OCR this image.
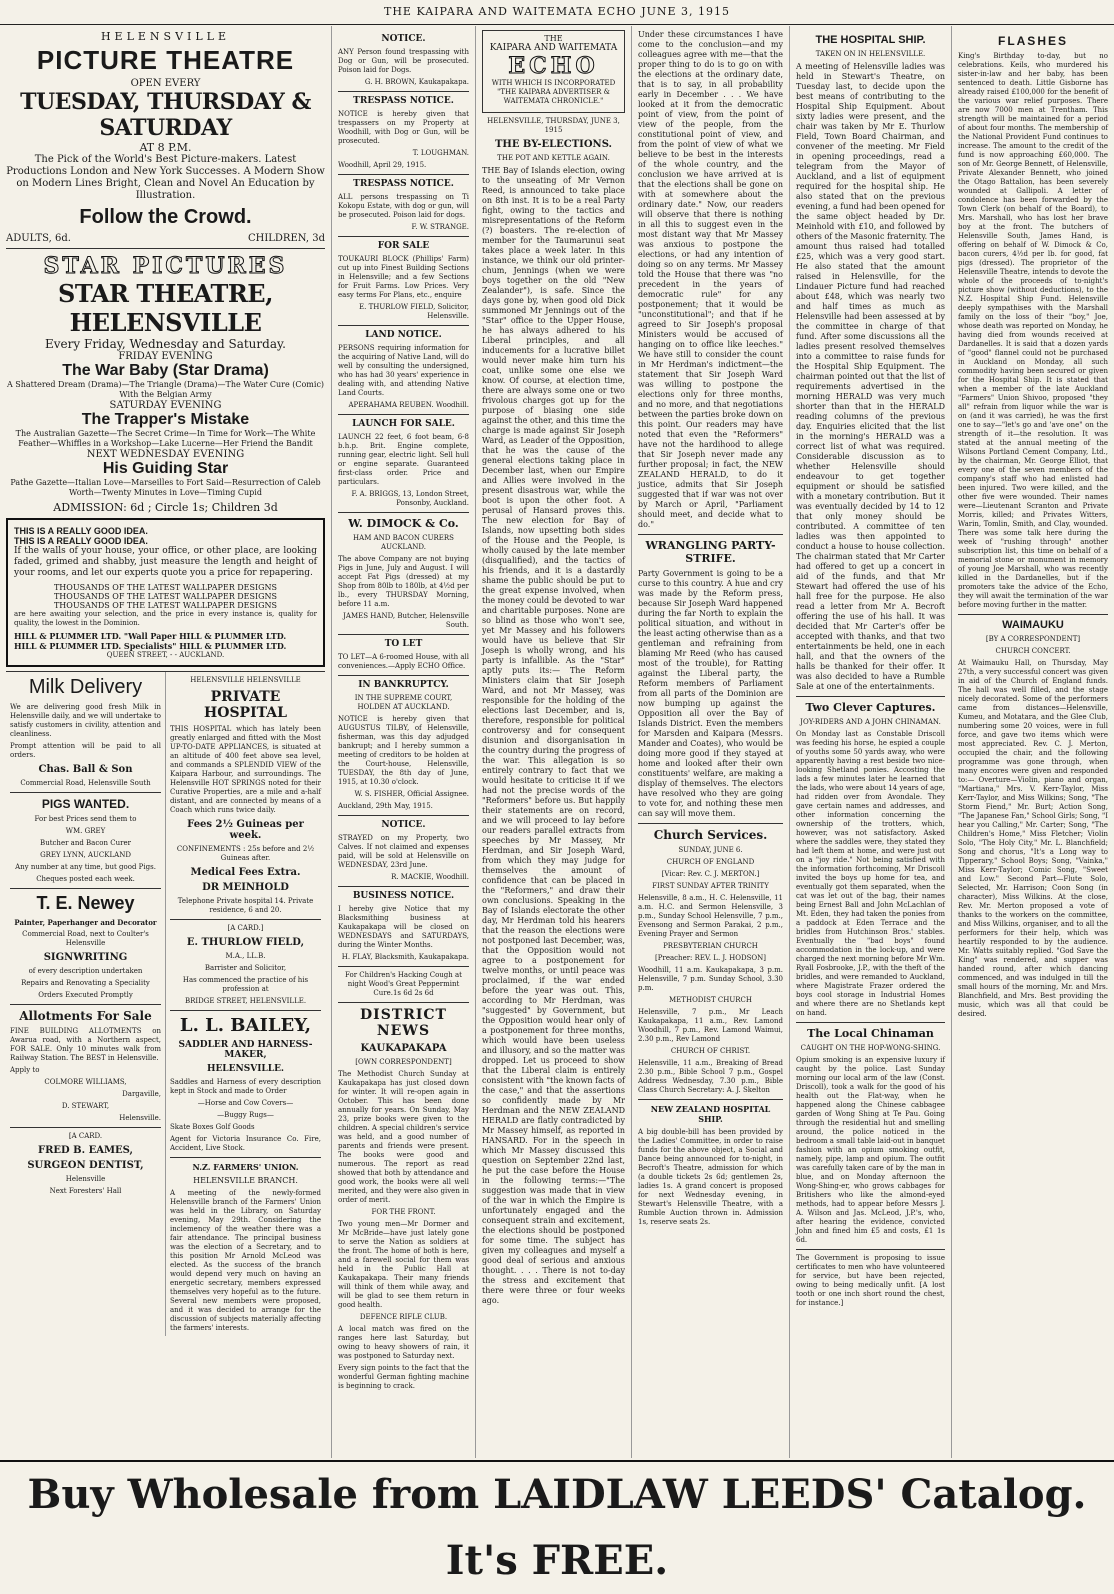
THE KAIPARA AND WAITEMATA ECHO JUNE 3, 1915
HELENSVILLE
PICTURE THEATRE
OPEN EVERY
TUESDAY, THURSDAY & SATURDAY
AT 8 P.M.
The Pick of the World's Best Picture-makers. Latest Productions London and New York Successes. A Modern Show on Modern Lines Bright, Clean and Novel An Education by Illustration.
Follow the Crowd.
ADULTS, 6d.	CHILDREN, 3d
STAR PICTURES
STAR THEATRE, HELENSVILLE
Every Friday, Wednesday and Saturday.
FRIDAY EVENING
The War Baby (Star Drama)
A Shattered Dream (Drama)—The Triangle (Drama)—The Water Cure (Comic) With the Belgian Army
SATURDAY EVENING
The Trapper's Mistake
The Australian Gazette—The Secret Crime—In Time for Work—The White Feather—Whiffles in a Workshop—Lake Lucerne—Her Friend the Bandit
NEXT WEDNESDAY EVENING
His Guiding Star
Pathe Gazette—Italian Love—Marseilles to Fort Said—Resurrection of Caleb Worth—Twenty Minutes in Love—Timing Cupid
ADMISSION: 6d ; Circle 1s; Children 3d
THIS IS A REALLY GOOD IDEA.
THIS IS A REALLY GOOD IDEA.
If the walls of your house, your office, or other place, are looking faded, grimed and shabby, just measure the length and height of your rooms, and let our experts quote you a price for repapering.
THOUSANDS OF THE LATEST WALLPAPER DESIGNS
THOUSANDS OF THE LATEST WALLPAPER DESIGNS
THOUSANDS OF THE LATEST WALLPAPER DESIGNS
are here awaiting your selection, and the price in every instance is, quality for quality, the lowest in the Dominion.
HILL & PLUMMER LTD. "Wall Paper HILL & PLUMMER LTD.
HILL & PLUMMER LTD. Specialists" HILL & PLUMMER LTD.
QUEEN STREET, - - AUCKLAND.
Milk Delivery
We are delivering good fresh Milk in Helensville daily, and we will undertake to satisfy customers in civility, attention and cleanliness.
Prompt attention will be paid to all orders.
Chas. Ball & Son
Commercial Road, Helensville South
PIGS WANTED.
For best Prices send them to
WM. GREY
Butcher and Bacon Curer
GREY LYNN, AUCKLAND
Any number at any time, but good Pigs.
Cheques posted each week.
T. E. Newey
Painter, Paperhanger and Decorator
Commercial Road, next to Coulter's Helensville
SIGNWRITING
of every description undertaken
Repairs and Renovating a Speciality
Orders Executed Promptly
Allotments For Sale
FINE BUILDING ALLOTMENTS on Awarua road, with a Northern aspect, FOR SALE. Only 10 minutes walk from Railway Station. The BEST in Helensville.
Apply to
COLMORE WILLIAMS,
Dargaville,
D. STEWART,
Helensville.
[A CARD.
FRED B. EAMES,
SURGEON DENTIST,
Helensville
Next Foresters' Hall
HELENSVILLE HELENSVILLE
PRIVATE HOSPITAL
THIS HOSPITAL which has lately been greatly enlarged and fitted with the Most UP-TO-DATE APPLIANCES, is situated at an altitude of 400 feet above sea level, and commands a SPLENDID VIEW of the Kaipara Harbour, and surroundings. The Helensville HOT SPRINGS noted for their Curative Properties, are a mile and a-half distant, and are connected by means of a Coach which runs twice daily.
Fees 2½ Guineas per week.
CONFINEMENTS : 25s before and 2½ Guineas after.
Medical Fees Extra.
DR MEINHOLD
Telephone Private hospital 14. Private residence, 6 and 20.
[A CARD.]
E. THURLOW FIELD,
M.A., LL.B.
Barrister and Solicitor,
Has commenced the practice of his profession at
BRIDGE STREET, HELENSVILLE.
L. L. BAILEY,
SADDLER AND HARNESS-MAKER,
HELENSVILLE.
Saddles and Harness of every description kept in Stock and made to Order
—Horse and Cow Covers—
—Buggy Rugs—
Skate Boxes Golf Goods
Agent for Victoria Insurance Co. Fire, Accident, Live Stock.
N.Z. FARMERS' UNION.
HELENSVILLE BRANCH.
A meeting of the newly-formed Helensville branch of the Farmers' Union was held in the Library, on Saturday evening, May 29th. Considering the inclemency of the weather there was a fair attendance. The principal business was the election of a Secretary, and to this position Mr Arnold McLeod was elected. As the success of the branch would depend very much on having an energetic secretary, members expressed themselves very hopeful as to the future. Several new members were proposed, and it was decided to arrange for the discussion of subjects materially affecting the farmers' interests.
NOTICE.
ANY Person found trespassing with Dog or Gun, will be prosecuted. Poison laid for Dogs.
G. H. BROWN, Kaukapakapa.
TRESPASS NOTICE.
NOTICE is hereby given that trespassers on my Property at Woodhill, with Dog or Gun, will be prosecuted.
T. LOUGHMAN.
Woodhill, April 29, 1915.
TRESPASS NOTICE.
ALL persons trespassing on Ti Kokopu Estate, with dog or gun, will be prosecuted. Poison laid for dogs.
F. W. STRANGE.
FOR SALE
TOUKAURI BLOCK (Phillips' Farm) cut up into Finest Building Sections in Helensville; and a few Sections for Fruit Farms. Low Prices. Very easy terms For Plans, etc., enquire
E. THURLOW FIELD, Solicitor, Helensville.
LAND NOTICE.
PERSONS requiring information for the acquiring of Native Land, will do well by consulting the undersigned, who has had 30 years' experience in dealing with, and attending Native Land Courts.
APERAHAMA REUBEN. Woodhill.
LAUNCH FOR SALE.
LAUNCH 22 feet, 6 foot beam, 6-8 b.h.p. Brit. Engine complete, running gear, electric light. Sell hull or engine separate. Guaranteed first-class order. Price and particulars.
F. A. BRIGGS, 13, London Street, Ponsonby, Auckland.
W. DIMOCK & Co.
HAM AND BACON CURERS AUCKLAND.
The above Company are not buying Pigs in June, July and August. I will accept Fat Pigs (dressed) at my Shop from 80lb to 180lb, at 4½d per lb., every THURSDAY Morning, before 11 a.m.
JAMES HAND, Butcher, Helensville South.
TO LET
TO LET—A 6-roomed House, with all conveniences.—Apply ECHO Office.
IN BANKRUPTCY.
IN THE SUPREME COURT, HOLDEN AT AUCKLAND.
NOTICE is hereby given that AUGUSTUS TILBY, of Helensville, fisherman, was this day adjudged bankrupt; and I hereby summon a meeting of creditors to be holden at the Court-house, Helensville, TUESDAY, the 8th day of June, 1915, at 10.30 o'clock.
W. S. FISHER, Official Assignee.
Auckland, 29th May, 1915.
NOTICE.
STRAYED on my Property, two Calves. If not claimed and expenses paid, will be sold at Helensville on WEDNESDAY, 23rd June.
R. MACKIE, Woodhill.
BUSINESS NOTICE.
I hereby give Notice that my Blacksmithing business at Kaukapakapa will be closed on WEDNESDAYS and SATURDAYS, during the Winter Months.
H. FLAY, Blacksmith, Kaukapakapa.
For Children's Hacking Cough at night Wood's Great Peppermint Cure.1s 6d 2s 6d
DISTRICT NEWS
KAUKAPAKAPA
[OWN CORRESPONDENT]
The Methodist Church Sunday at Kaukapakapa has just closed down for winter. It will re-open again in October. This has been done annually for years. On Sunday, May 23, prize books were given to the children. A special children's service was held, and a good number of parents and friends were present. The books were good and numerous. The report as read showed that both by attendance and good work, the books were all well merited, and they were also given in order of merit.
FOR THE FRONT.
Two young men—Mr Dormer and Mr McBride—have just lately gone to serve the Nation as soldiers at the front. The home of both is here, and a farewell social for them was held in the Public Hall at Kaukapakapa. Their many friends will think of them while away, and will be glad to see them return in good health.
DEFENCE RIFLE CLUB.
A local match was fired on the ranges here last Saturday, but owing to heavy showers of rain, it was postponed to Saturday next.
Every sign points to the fact that the wonderful German fighting machine is beginning to crack.
THE
KAIPARA AND WAITEMATA
ECHO
WITH WHICH IS INCORPORATED "THE KAIPARA ADVERTISER & WAITEMATA CHRONICLE."
HELENSVILLE, THURSDAY, JUNE 3, 1915
THE BY-ELECTIONS.
THE POT AND KETTLE AGAIN.
THE Bay of Islands election, owing to the unseating of Mr Vernon Reed, is announced to take place on 8th inst. It is to be a real Party fight, owing to the tactics and misrepresentations of the Reform (?) boasters. The re-election of member for the Taumarunui seat takes place a week later. In this instance, we think our old printer-chum, Jennings (when we were boys together on the old "New Zealander"), is safe. Since the days gone by, when good old Dick summoned Mr Jennings out of the "Star" office to the Upper House, he has always adhered to his Liberal principles, and all inducements for a lucrative billet would never make him turn his coat, unlike some one else we know. Of course, at election time, there are always some one or two frivolous charges got up for the purpose of biasing one side against the other, and this time the charge is made against Sir Joseph Ward, as Leader of the Opposition, that he was the cause of the general elections taking place in December last, when our Empire and Allies were involved in the present disastrous war, while the boot is upon the other foot. A perusal of Hansard proves this. The new election for Bay of Islands, now upsetting both sides of the House and the People, is wholly caused by the late member (disqualified), and the tactics of his friends, and it is a dastardly shame the public should be put to the great expense involved, when the money could be devoted to war and charitable purposes. None are so blind as those who won't see, yet Mr Massey and his followers would have us believe that Sir Joseph is wholly wrong, and his party is infallible. As the "Star" aptly puts its:— The Reform Ministers claim that Sir Joseph Ward, and not Mr Massey, was responsible for the holding of the elections last December, and is, therefore, responsible for political controversy and for consequent disunion and disorganisation in the country during the progress of the war. This allegation is so entirely contrary to fact that we would hesitate to criticise it if we had not the precise words of the "Reformers" before us. But happily their statements are on record, and we will proceed to lay before our readers parallel extracts from speeches by Mr Massey, Mr Herdman, and Sir Joseph Ward, from which they may judge for themselves the amount of confidence that can be placed in the "Reformers," and draw their own conclusions. Speaking in the Bay of Islands electorate the other day, Mr Herdman told his hearers that the reason the elections were not postponed last December, was, that the Opposition would not agree to a postponement for twelve months, or until peace was proclaimed, if the war ended before the year was out. This, according to Mr Herdman, was "suggested" by Government, but the Opposition would hear only of a postponement for three months, which would have been useless and illusory, and so the matter was dropped. Let us proceed to show that the Liberal claim is entirely consistent with "the known facts of the case," and that the assertions so confidently made by Mr Herdman and the NEW ZEALAND HERALD are flatly contradicted by Mr Massey himself, as reported in HANSARD. For in the speech in which Mr Massey discussed this question on September 22nd last, he put the case before the House in the following terms:—"The suggestion was made that in view of the war in which the Empire is unfortunately engaged and the consequent strain and excitement, the elections should be postponed for some time. The subject has given my colleagues and myself a good deal of serious and anxious thought. . . . There is not to-day the stress and excitement that there were three or four weeks ago.
Under these circumstances I have come to the conclusion—and my colleagues agree with me—that the proper thing to do is to go on with the elections at the ordinary date, that is to say, in all probability early in December . . . We have looked at it from the democratic point of view, from the point of view of the people, from the constitutional point of view, and from the point of view of what we believe to be best in the interests of the whole country, and the conclusion we have arrived at is that the elections shall be gone on with at somewhere about the ordinary date." Now, our readers will observe that there is nothing in all this to suggest even in the most distant way that Mr Massey was anxious to postpone the elections, or had any intention of doing so on any terms. Mr Massey told the House that there was "no precedent in the years of democratic rule" for any postponement; that it would be "unconstitutional"; and that if he agreed to Sir Joseph's proposal Ministers would be accused of hanging on to office like leeches." We have still to consider the count in Mr Herdman's indictment—the statement that Sir Joseph Ward was willing to postpone the elections only for three months, and no more, and that negotiations between the parties broke down on this point. Our readers may have noted that even the "Reformers" have not the hardihood to allege that Sir Joseph never made any further proposal; in fact, the NEW ZEALAND HERALD, to do it justice, admits that Sir Joseph suggested that if war was not over by March or April, "Parliament should meet, and decide what to do."
WRANGLING PARTY-STRIFE.
Party Government is going to be a curse to this country. A hue and cry was made by the Reform press, because Sir Joseph Ward happened during the far North to explain the political situation, and without in the least acting otherwise than as a gentleman and refraining from blaming Mr Reed (who has caused most of the trouble), for Ratting against the Liberal party, the Reform members of Parliament from all parts of the Dominion are now bumping up against the Opposition all over the Bay of Islands District. Even the members for Marsden and Kaipara (Messrs. Mander and Coates), who would be doing more good if they stayed at home and looked after their own constituents' welfare, are making a display of themselves. The electors have resolved who they are going to vote for, and nothing these men can say will move them.
Church Services.
SUNDAY, JUNE 6.
CHURCH OF ENGLAND
[Vicar: Rev. C. J. MERTON.]
FIRST SUNDAY AFTER TRINITY
Helensville, 8 a.m., H. C. Helensville, 11 a.m. H.C. and Sermon Helensville, 3 p.m., Sunday School Helensville, 7 p.m., Evensong and Sermon Parakai, 2 p.m., Evening Prayer and Sermon
PRESBYTERIAN CHURCH
[Preacher: REV. L. J. HODSON]
Woodhill, 11 a.m. Kaukapakapa, 3 p.m. Helensville, 7 p.m. Sunday School, 3.30 p.m.
METHODIST CHURCH
Helensville, 7 p.m., Mr Leach Kaukapakapa, 11 a.m., Rev. Lamond Woodhill, 7 p.m., Rev. Lamond Waimui, 2.30 p.m., Rev Lamond
CHURCH OF CHRIST.
Helensville, 11 a.m., Breaking of Bread 2.30 p.m., Bible School 7 p.m., Gospel Address Wednesday, 7.30 p.m., Bible Class Church Secretary: A. J. Skelton
NEW ZEALAND HOSPITAL SHIP.
A big double-bill has been provided by the Ladies' Committee, in order to raise funds for the above object, a Social and Dance being announced for to-night, in Becroft's Theatre, admission for which (a double tickets 2s 6d; gentlemen 2s, ladies 1s. A grand concert is proposed for next Wednesday evening, in Stewart's Helensville Theatre, with a Rumble Auction thrown in. Admission 1s, reserve seats 2s.
THE HOSPITAL SHIP.
TAKEN ON IN HELENSVILLE.
A meeting of Helensville ladies was held in Stewart's Theatre, on Tuesday last, to decide upon the best means of contributing to the Hospital Ship Equipment. About sixty ladies were present, and the chair was taken by Mr E. Thurlow Field, Town Board Chairman, and convener of the meeting. Mr Field in opening proceedings, read a telegram from the Mayor of Auckland, and a list of equipment required for the hospital ship. He also stated that on the previous evening, a fund had been opened for the same object headed by Dr. Meinhold with £10, and followed by others of the Masonic fraternity. The amount thus raised had totalled £25, which was a very good start. He also stated that the amount raised in Helensville, for the Lindauer Picture fund had reached about £48, which was nearly two and half times as much as Helensville had been assessed at by the committee in charge of that fund. After some discussions all the ladies present resolved themselves into a committee to raise funds for the Hospital Ship Equipment. The chairman pointed out that the list of requirements advertised in the morning HERALD was very much shorter than that in the HERALD reading columns of the previous day. Enquiries elicited that the list in the morning's HERALD was a correct list of what was required. Considerable discussion as to whether Helensville should endeavour to get together equipment or should be satisfied with a monetary contribution. But it was eventually decided by 14 to 12 that only money should be contributed. A committee of ten ladies was then appointed to conduct a house to house collection. The chairman stated that Mr Carter had offered to get up a concert in aid of the funds, and that Mr Stewart had offered the use of his hall free for the purpose. He also read a letter from Mr A. Becroft offering the use of his hall. It was decided that Mr Carter's offer be accepted with thanks, and that two entertainments be held, one in each hall, and that the owners of the halls be thanked for their offer. It was also decided to have a Rumble Sale at one of the entertainments.
Two Clever Captures.
JOY-RIDERS AND A JOHN CHINAMAN.
On Monday last as Constable Driscoll was feeding his horse, he espied a couple of youths some 50 yards away, who were apparently having a rest beside two nice-looking Shetland ponies. Accosting the lads a few minutes later he learned that the lads, who were about 14 years of age, had ridden over from Avondale. They gave certain names and addresses, and other information concerning the ownership of the trotters, which, however, was not satisfactory. Asked where the saddles were, they stated they had left them at home, and were just out on a "joy ride." Not being satisfied with the information forthcoming, Mr Driscoll invited the boys up home for tea, and eventually got them separated, when the cat was let out of the bag, their names being Ernest Ball and John McLachlan of Mt. Eden, they had taken the ponies from a paddock at Eden Terrace and the bridles from Hutchinson Bros.' stables. Eventually the "bad boys" found accommodation in the lock-up, and were charged the next morning before Mr Wm. Ryall Fosbrooke, J.P., with the theft of the bridles, and were remanded to Auckland, where Magistrate Frazer ordered the boys cool storage in Industrial Homes and where there are no Shetlands kept on hand.
The Local Chinaman
CAUGHT ON THE HOP-WONG-SHING.
Opium smoking is an expensive luxury if caught by the police. Last Sunday morning our local arm of the law (Const. Driscoll), took a walk for the good of his health out the Flat-way, when he happened along the Chinese cabbagee garden of Wong Shing at Te Pau. Going through the residential hut and smelling around, the police noticed in the bedroom a small table laid-out in banquet fashion with an opium smoking outfit, namely, pipe, lamp and opium. The outfit was carefully taken care of by the man in blue, and on Monday afternoon the Wong-Shing-er, who grows cabbages for Britishers who like the almond-eyed methods, had to appear before Messrs J. A. Wilson and Jas. McLeod, J.P.'s, who, after hearing the evidence, convicted John and fined him £5 and costs, £1 1s 6d.
The Government is proposing to issue certificates to men who have volunteered for service, but have been rejected, owing to being medically unfit. [A lost tooth or one inch short round the chest, for instance.]
FLASHES
King's Birthday to-day, but no celebrations. Keils, who murdered his sister-in-law and her baby, has been sentenced to death. Little Gisborne has already raised £100,000 for the benefit of the various war relief purposes. There are now 7000 men at Trentham. This strength will be maintained for a period of about four months. The membership of the National Provident Fund continues to increase. The amount to the credit of the fund is now approaching £60,000. The son of Mr. George Bennett, of Helensville, Private Alexander Bennett, who joined the Otago Battalion, has been severely wounded at Gallipoli. A letter of condolence has been forwarded by the Town Clerk (on behalf of the Board), to Mrs. Marshall, who has lost her brave boy at the front. The butchers of Helensville South, James Hand, is offering on behalf of W. Dimock & Co, bacon curers, 4½d per lb. for good, fat pigs (dressed). The proprietor of the Helensville Theatre, intends to devote the whole of the proceeds of to-night's picture show (without deductions), to the N.Z. Hospital Ship Fund. Helensville deeply sympathises with the Marshall family on the loss of their "boy," Joe, whose death was reported on Monday, he having died from wounds received at Dardanelles. It is said that a dozen yards of "good" flannel could not be purchased in Auckland on Monday, all such commodity having been secured or given for the Hospital Ship. It is stated that when a member of the late Auckland "Farmers" Union Shivoo, proposed "they all" refrain from liquor while the war is on (and it was carried), he was the first one to say—"let's go and 'ave one" on the strength of it—the resolution. It was stated at the annual meeting of the Wilsons Portland Cement Company, Ltd., by the chairman, Mr. George Elliot, that every one of the seven members of the company's staff who had enlisted had been injured. Two were killed, and the other five were wounded. Their names were—Lieutenant Scranton and Private Morris, killed; and Privates Witters, Warin, Tomlin, Smith, and Clay, wounded. There was some talk here during the week of "rushing through" another subscription list, this time on behalf of a memorial stone or monument in memory of young Joe Marshall, who was recently killed in the Dardanelles, but if the promoters take the advice of the Echo, they will await the termination of the war before moving further in the matter.
WAIMAUKU
[BY A CORRESPONDENT]
CHURCH CONCERT.
At Waimauku Hall, on Thursday, May 27th, a very successful concert was given in aid of the Church of England funds. The hall was well filled, and the stage nicely decorated. Some of the performers came from distances—Helensville, Kumeu, and Motatara, and the Glee Club, numbering some 20 voices, were in full force, and gave two items which were most appreciated. Rev. C. J. Merton, occupied the chair, and the following programme was gone through, when many encores were given and responded to:— Overture—Violin, piano and organ, "Martiana," Mrs. V. Kerr-Taylor, Miss Kerr-Taylor, and Miss Wilkins; Song, "The Storm Fiend," Mr. Burt; Action Song, "The Japanese Fan," School Girls; Song, "I hear you Calling," Mr. Carter; Song, "The Children's Home," Miss Fletcher; Violin Solo, "The Holy City," Mr. L. Blanchfield; Song and chorus, "It's a Long way to Tipperary," School Boys; Song, "Vainka," Miss Kerr-Taylor; Comic Song, "Sweet and Low." Second Part—Flute Solo, Selected, Mr. Harrison; Coon Song (in character), Miss Wilkins. At the close, Rev. Mr. Merton proposed a vote of thanks to the workers on the committee, and Miss Wilkins, organiser, and to all the performers for their help, which was heartily responded to by the audience. Mr. Watts suitably replied. "God Save the King" was rendered, and supper was handed round, after which dancing commenced, and was indulged in till the small hours of the morning, Mr. and Mrs. Blanchfield, and Mrs. Best providing the music, which was all that could be desired.
Buy Wholesale from LAIDLAW LEEDS' Catalog. It's FREE.
